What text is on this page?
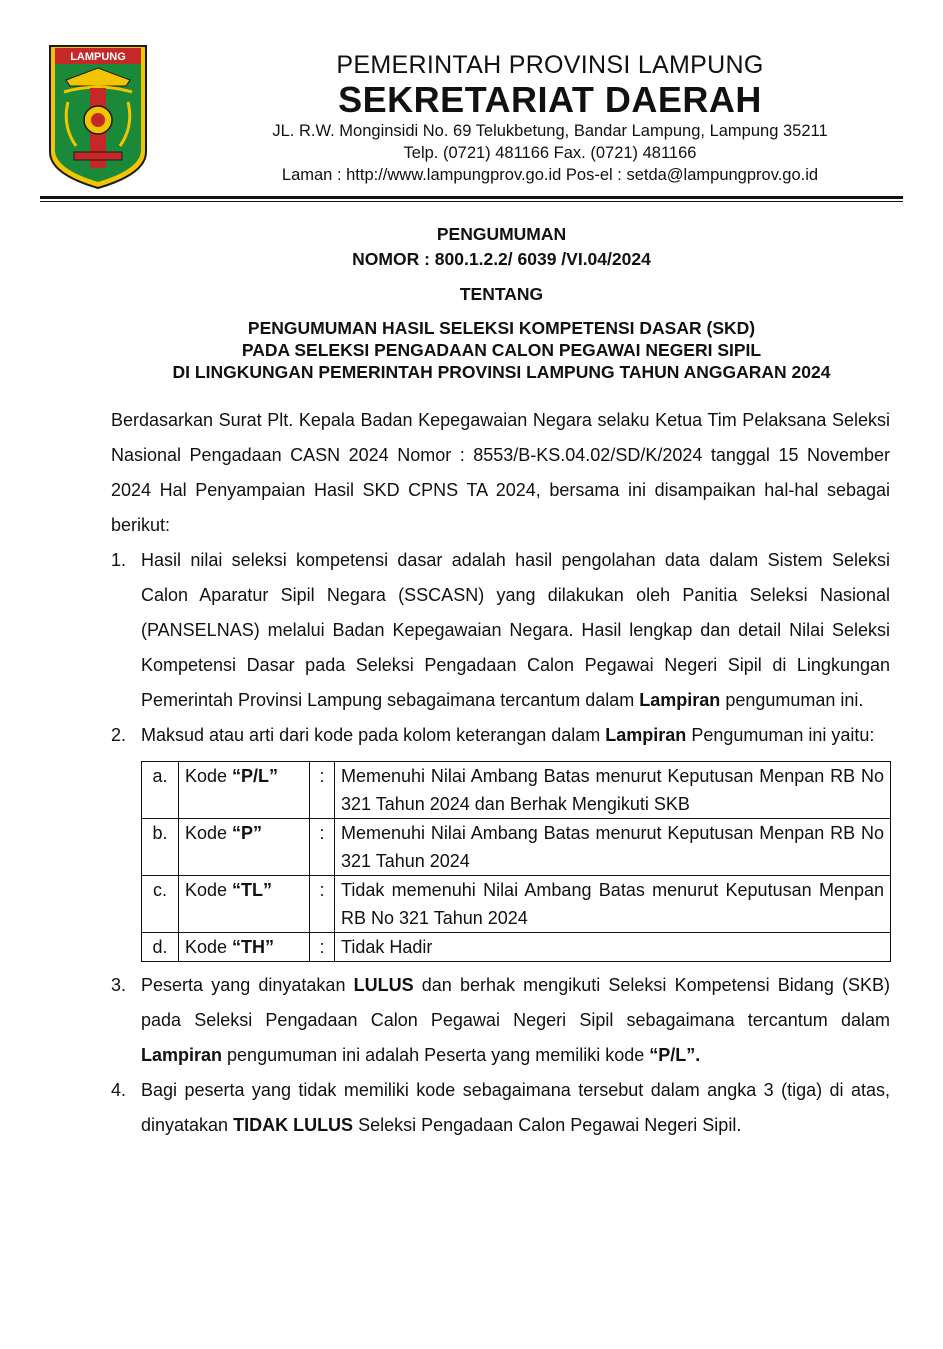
LAMPUNG	PEMERINTAH PROVINSI LAMPUNG
SEKRETARIAT DAERAH
JL. R.W. Monginsidi No. 69 Telukbetung, Bandar Lampung, Lampung 35211
Telp. (0721) 481166 Fax. (0721) 481166
Laman : http://www.lampungprov.go.id Pos-el : setda@lampungprov.go.id
PENGUMUMAN
NOMOR : 800.1.2.2/ 6039 /VI.04/2024
TENTANG
PENGUMUMAN HASIL SELEKSI KOMPETENSI DASAR (SKD)
PADA SELEKSI PENGADAAN CALON PEGAWAI NEGERI SIPIL
DI LINGKUNGAN PEMERINTAH PROVINSI LAMPUNG TAHUN ANGGARAN 2024

Berdasarkan Surat Plt. Kepala Badan Kepegawaian Negara selaku Ketua Tim Pelaksana Seleksi Nasional Pengadaan CASN 2024 Nomor : 8553/B-KS.04.02/SD/K/2024 tanggal 15 November 2024 Hal Penyampaian Hasil SKD CPNS TA 2024, bersama ini disampaikan hal-hal sebagai berikut:

1. Hasil nilai seleksi kompetensi dasar adalah hasil pengolahan data dalam Sistem Seleksi Calon Aparatur Sipil Negara (SSCASN) yang dilakukan oleh Panitia Seleksi Nasional (PANSELNAS) melalui Badan Kepegawaian Negara. Hasil lengkap dan detail Nilai Seleksi Kompetensi Dasar pada Seleksi Pengadaan Calon Pegawai Negeri Sipil di Lingkungan Pemerintah Provinsi Lampung sebagaimana tercantum dalam Lampiran pengumuman ini.
2. Maksud atau arti dari kode pada kolom keterangan dalam Lampiran Pengumuman ini yaitu:
a.	Kode “P/L”	:	Memenuhi Nilai Ambang Batas menurut Keputusan Menpan RB No 321 Tahun 2024 dan Berhak Mengikuti SKB
b.	Kode “P”	:	Memenuhi Nilai Ambang Batas menurut Keputusan Menpan RB No 321 Tahun 2024
c.	Kode “TL”	:	Tidak memenuhi Nilai Ambang Batas menurut Keputusan Menpan RB No 321 Tahun 2024
d.	Kode “TH”	:	Tidak Hadir
3. Peserta yang dinyatakan LULUS dan berhak mengikuti Seleksi Kompetensi Bidang (SKB) pada Seleksi Pengadaan Calon Pegawai Negeri Sipil sebagaimana tercantum dalam Lampiran pengumuman ini adalah Peserta yang memiliki kode “P/L”.
4. Bagi peserta yang tidak memiliki kode sebagaimana tersebut dalam angka 3 (tiga) di atas, dinyatakan TIDAK LULUS Seleksi Pengadaan Calon Pegawai Negeri Sipil.
